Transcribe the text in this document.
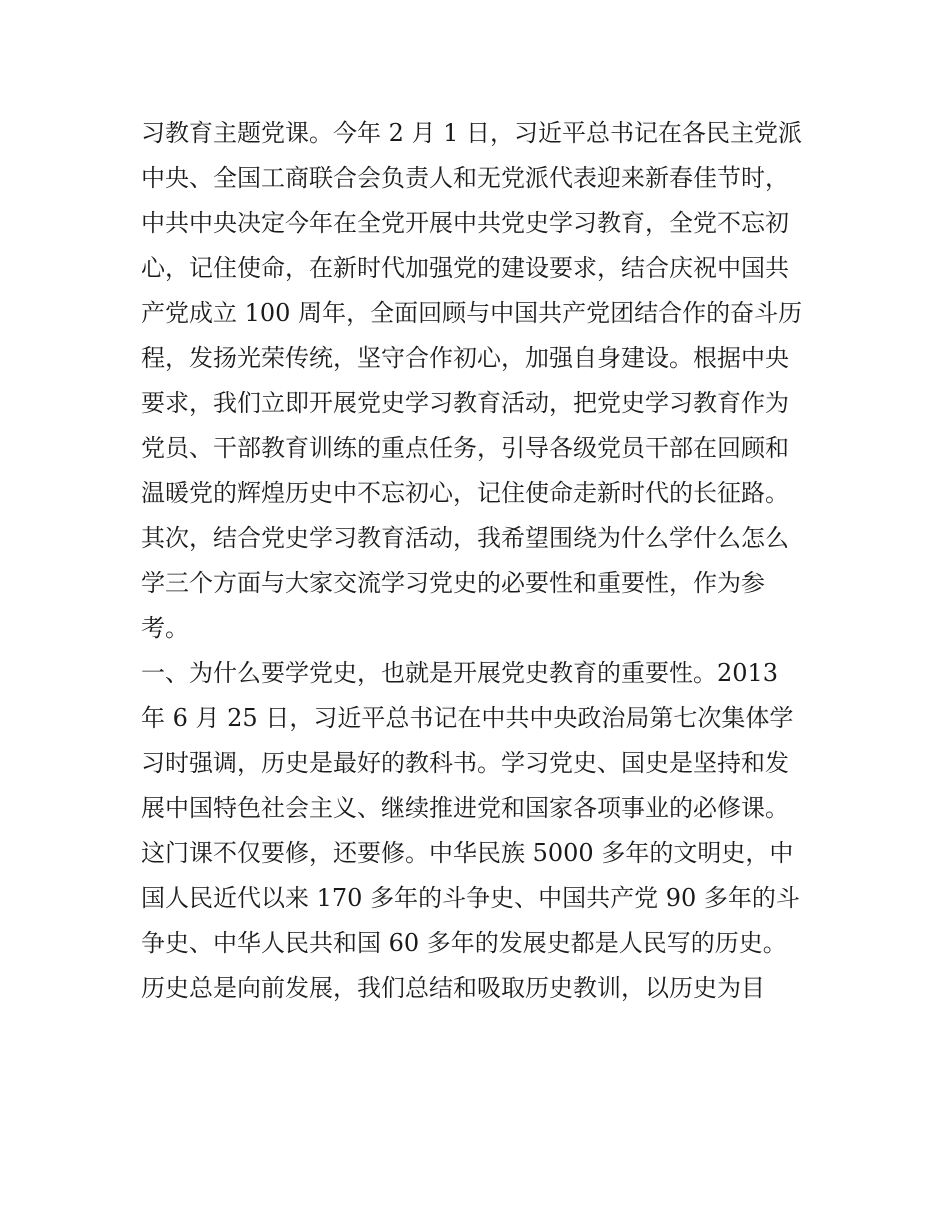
习教育主题党课。今年 2 月 1 日，习近平总书记在各民主党派
中央、全国工商联合会负责人和无党派代表迎来新春佳节时，
中共中央决定今年在全党开展中共党史学习教育，全党不忘初
心，记住使命，在新时代加强党的建设要求，结合庆祝中国共
产党成立 100 周年，全面回顾与中国共产党团结合作的奋斗历
程，发扬光荣传统，坚守合作初心，加强自身建设。根据中央
要求，我们立即开展党史学习教育活动，把党史学习教育作为
党员、干部教育训练的重点任务，引导各级党员干部在回顾和
温暖党的辉煌历史中不忘初心，记住使命走新时代的长征路。
其次，结合党史学习教育活动，我希望围绕为什么学什么怎么
学三个方面与大家交流学习党史的必要性和重要性，作为参
考。
一、为什么要学党史，也就是开展党史教育的重要性。2013
年 6 月 25 日，习近平总书记在中共中央政治局第七次集体学
习时强调，历史是最好的教科书。学习党史、国史是坚持和发
展中国特色社会主义、继续推进党和国家各项事业的必修课。
这门课不仅要修，还要修。中华民族 5000 多年的文明史，中
国人民近代以来 170 多年的斗争史、中国共产党 90 多年的斗
争史、中华人民共和国 60 多年的发展史都是人民写的历史。
历史总是向前发展，我们总结和吸取历史教训，以历史为目
